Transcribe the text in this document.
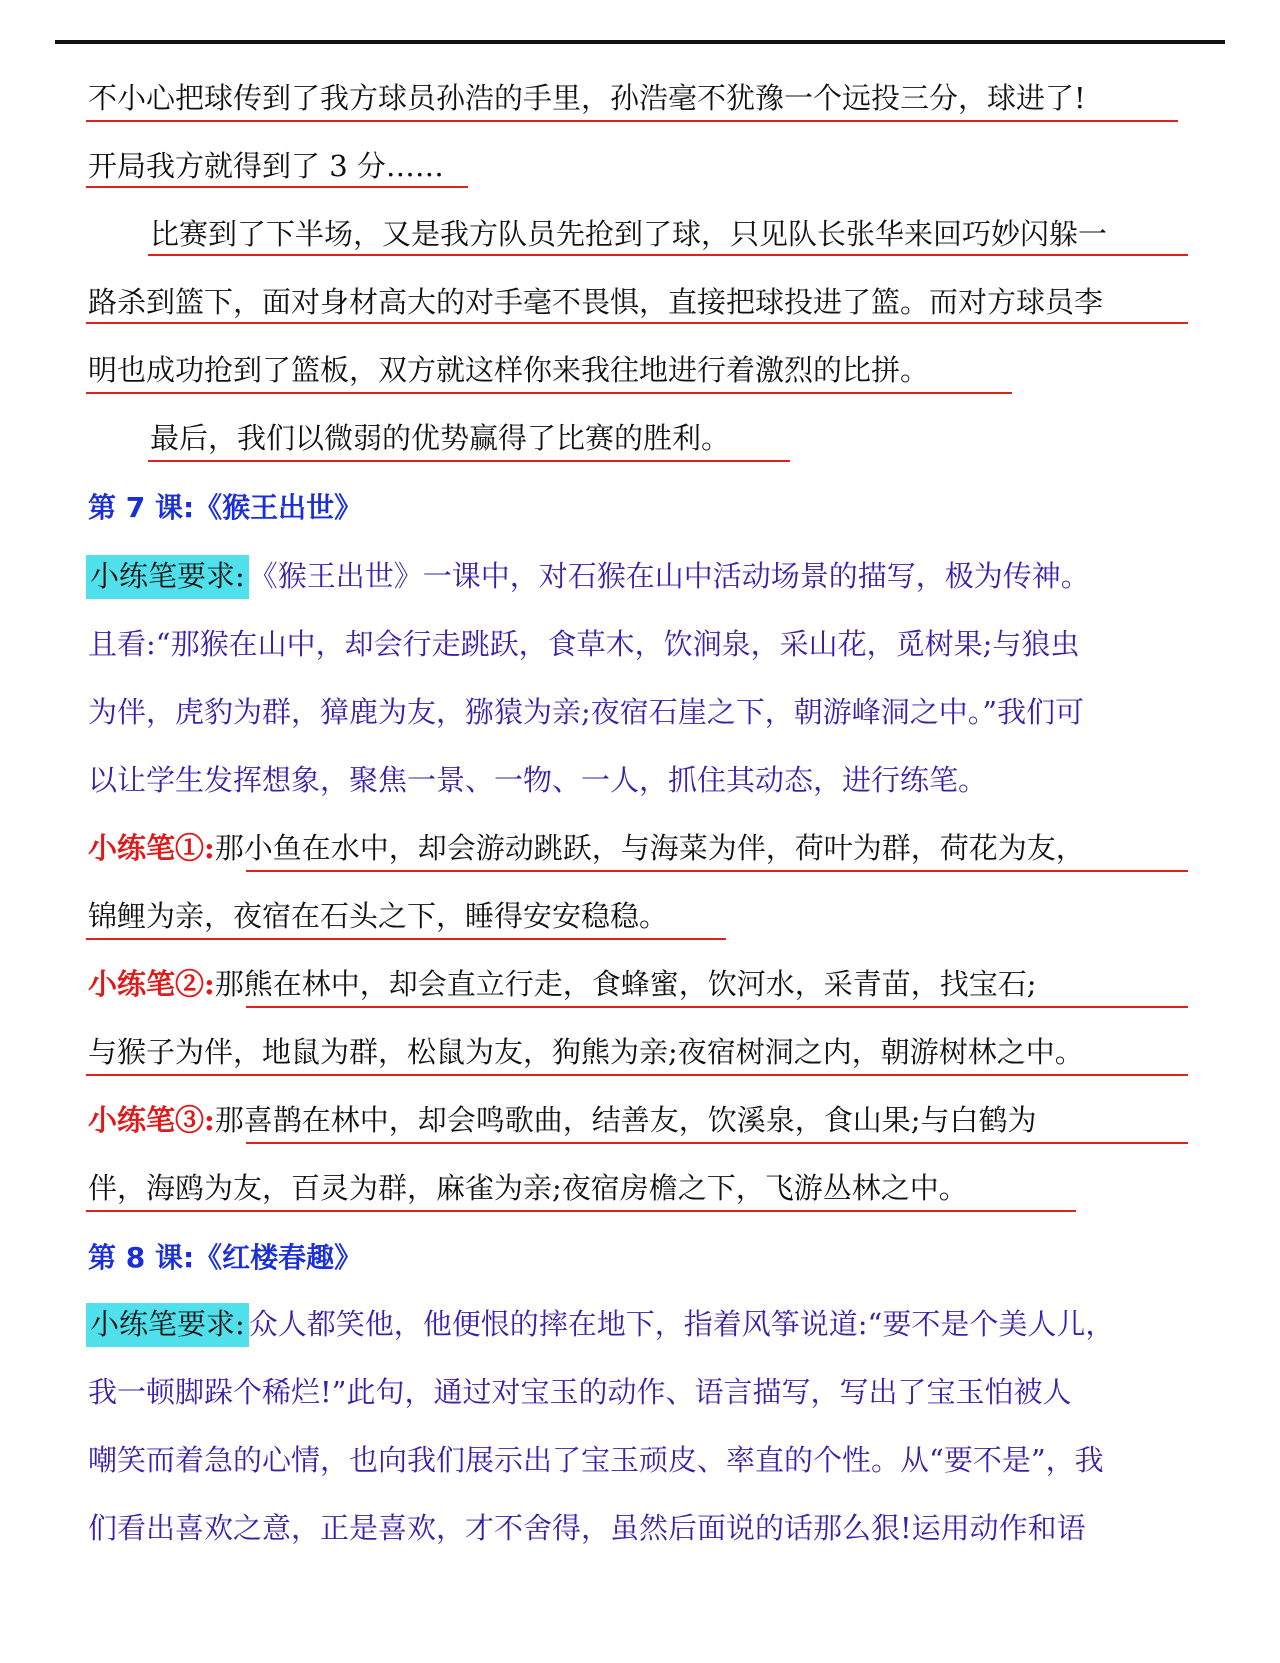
不小心把球传到了我方球员孙浩的手里，孙浩毫不犹豫一个远投三分，球进了!
开局我方就得到了 3 分……
比赛到了下半场，又是我方队员先抢到了球，只见队长张华来回巧妙闪躲一
路杀到篮下，面对身材高大的对手毫不畏惧，直接把球投进了篮。而对方球员李
明也成功抢到了篮板，双方就这样你来我往地进行着激烈的比拼。
最后，我们以微弱的优势赢得了比赛的胜利。
第 7 课:《猴王出世》
小练笔要求: 《猴王出世》一课中，对石猴在山中活动场景的描写，极为传神。
且看:“那猴在山中，却会行走跳跃，食草木，饮涧泉，采山花，觅树果;与狼虫
为伴，虎豹为群，獐鹿为友，猕猿为亲;夜宿石崖之下，朝游峰洞之中。”我们可
以让学生发挥想象，聚焦一景、一物、一人，抓住其动态，进行练笔。
小练笔①:那小鱼在水中，却会游动跳跃，与海菜为伴，荷叶为群，荷花为友，
锦鲤为亲，夜宿在石头之下，睡得安安稳稳。
小练笔②:那熊在林中，却会直立行走，食蜂蜜，饮河水，采青苗，找宝石;
与猴子为伴，地鼠为群，松鼠为友，狗熊为亲;夜宿树洞之内，朝游树林之中。
小练笔③:那喜鹊在林中，却会鸣歌曲，结善友，饮溪泉，食山果;与白鹤为
伴，海鸥为友，百灵为群，麻雀为亲;夜宿房檐之下，飞游丛林之中。
第 8 课:《红楼春趣》
小练笔要求: 众人都笑他，他便恨的摔在地下，指着风筝说道:“要不是个美人儿，
我一顿脚跺个稀烂!”此句，通过对宝玉的动作、语言描写，写出了宝玉怕被人
嘲笑而着急的心情，也向我们展示出了宝玉顽皮、率直的个性。从“要不是”，我
们看出喜欢之意，正是喜欢，才不舍得，虽然后面说的话那么狠!运用动作和语
